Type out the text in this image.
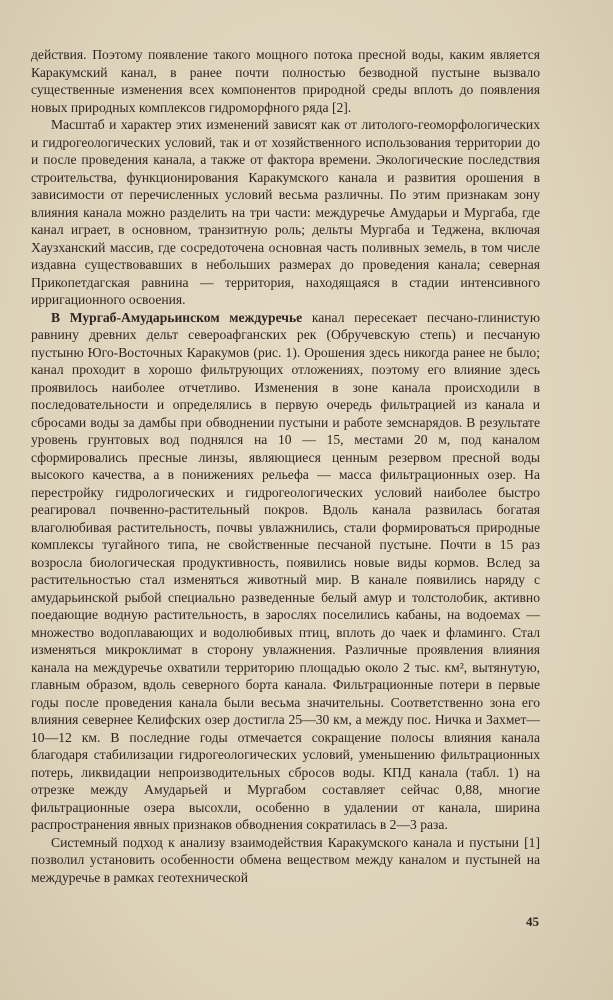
действия. Поэтому появление такого мощного потока пресной воды, каким является Каракумский канал, в ранее почти полностью безводной пустыне вызвало существенные изменения всех компонентов природной среды вплоть до появления новых природных комплексов гидроморфного ряда [2].

Масштаб и характер этих изменений зависят как от литолого-геоморфологических и гидрогеологических условий, так и от хозяйственного использования территории до и после проведения канала, а также от фактора времени. Экологические последствия строительства, функционирования Каракумского канала и развития орошения в зависимости от перечисленных условий весьма различны. По этим признакам зону влияния канала можно разделить на три части: междуречье Амударьи и Мургаба, где канал играет, в основном, транзитную роль; дельты Мургаба и Теджена, включая Хаузханский массив, где сосредоточена основная часть поливных земель, в том числе издавна существовавших в небольших размерах до проведения канала; северная Прикопетдагская равнина — территория, находящаяся в стадии интенсивного ирригационного освоения.

В Мургаб-Амударьинском междуречье канал пересекает песчано-глинистую равнину древних дельт североафганских рек (Обручевскую степь) и песчаную пустыню Юго-Восточных Каракумов (рис. 1). Орошения здесь никогда ранее не было; канал проходит в хорошо фильтрующих отложениях, поэтому его влияние здесь проявилось наиболее отчетливо. Изменения в зоне канала происходили в последовательности и определялись в первую очередь фильтрацией из канала и сбросами воды за дамбы при обводнении пустыни и работе земснарядов. В результате уровень грунтовых вод поднялся на 10 — 15, местами 20 м, под каналом сформировались пресные линзы, являющиеся ценным резервом пресной воды высокого качества, а в понижениях рельефа — масса фильтрационных озер. На перестройку гидрологических и гидрогеологических условий наиболее быстро реагировал почвенно-растительный покров. Вдоль канала развилась богатая влаголюбивая растительность, почвы увлажнились, стали формироваться природные комплексы тугайного типа, не свойственные песчаной пустыне. Почти в 15 раз возросла биологическая продуктивность, появились новые виды кормов. Вслед за растительностью стал изменяться животный мир. В канале появились наряду с амударьинской рыбой специально разведенные белый амур и толстолобик, активно поедающие водную растительность, в зарослях поселились кабаны, на водоемах — множество водоплавающих и водолюбивых птиц, вплоть до чаек и фламинго. Стал изменяться микроклимат в сторону увлажнения. Различные проявления влияния канала на междуречье охватили территорию площадью около 2 тыс. км², вытянутую, главным образом, вдоль северного борта канала. Фильтрационные потери в первые годы после проведения канала были весьма значительны. Соответственно зона его влияния севернее Келифских озер достигла 25—30 км, а между пос. Ничка и Захмет— 10—12 км. В последние годы отмечается сокращение полосы влияния канала благодаря стабилизации гидрогеологических условий, уменьшению фильтрационных потерь, ликвидации непроизводительных сбросов воды. КПД канала (табл. 1) на отрезке между Амударьей и Мургабом составляет сейчас 0,88, многие фильтрационные озера высохли, особенно в удалении от канала, ширина распространения явных признаков обводнения сократилась в 2—3 раза.

Системный подход к анализу взаимодействия Каракумского канала и пустыни [1] позволил установить особенности обмена веществом между каналом и пустыней на междуречье в рамках геотехнической

45
